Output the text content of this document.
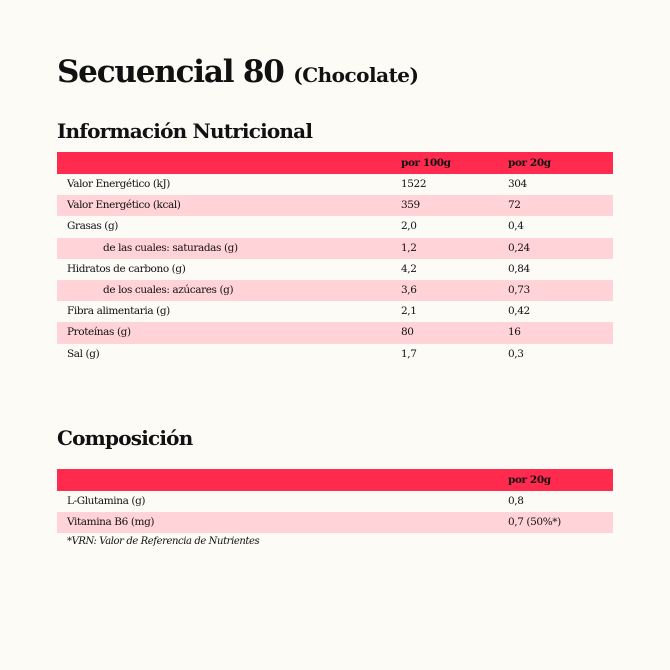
Secuencial 80 (Chocolate)
Información Nutricional
por 100g	por 20g
Valor Energético (kJ)	1522	304
Valor Energético (kcal)	359	72
Grasas (g)	2,0	0,4
de las cuales: saturadas (g)	1,2	0,24
Hidratos de carbono (g)	4,2	0,84
de los cuales: azúcares (g)	3,6	0,73
Fibra alimentaria (g)	2,1	0,42
Proteínas (g)	80	16
Sal (g)	1,7	0,3
Composición
por 20g
L-Glutamina (g)	0,8
Vitamina B6 (mg)	0,7 (50%*)
*VRN: Valor de Referencia de Nutrientes
